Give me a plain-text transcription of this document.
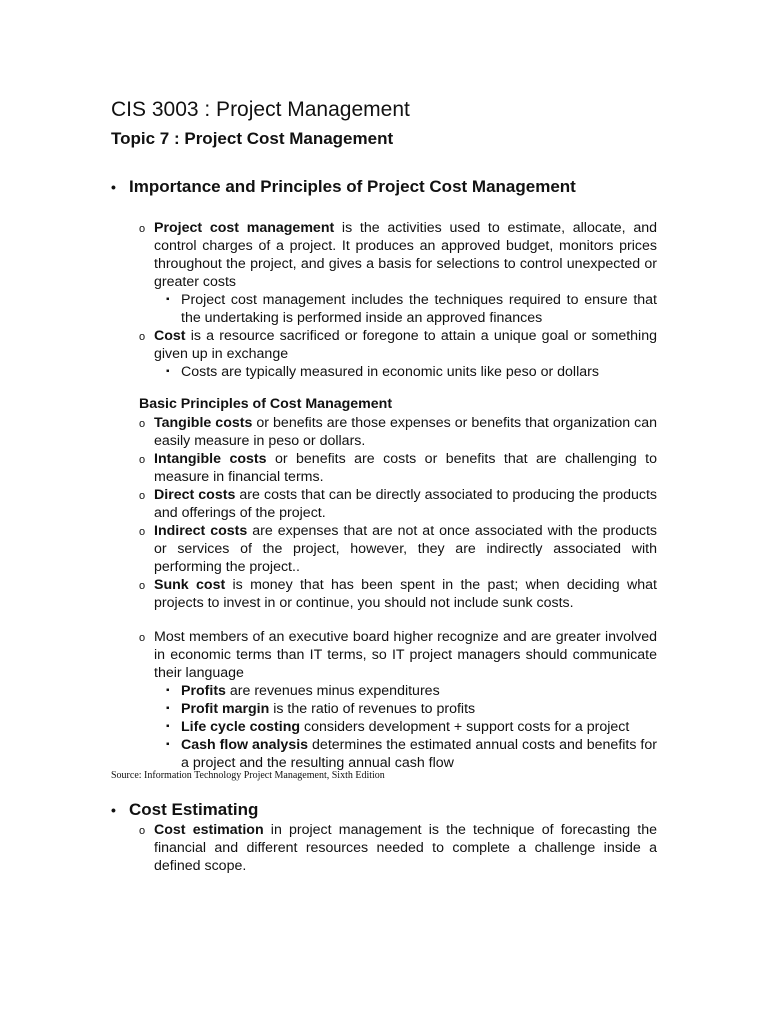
CIS 3003 : Project Management
Topic 7 : Project Cost Management
• Importance and Principles of Project Cost Management
o Project cost management is the activities used to estimate, allocate, and control charges of a project. It produces an approved budget, monitors prices throughout the project, and gives a basis for selections to control unexpected or greater costs
▪ Project cost management includes the techniques required to ensure that the undertaking is performed inside an approved finances
o Cost is a resource sacrificed or foregone to attain a unique goal or something given up in exchange
▪ Costs are typically measured in economic units like peso or dollars
Basic Principles of Cost Management
o Tangible costs or benefits are those expenses or benefits that organization can easily measure in peso or dollars.
o Intangible costs or benefits are costs or benefits that are challenging to measure in financial terms.
o Direct costs are costs that can be directly associated to producing the products and offerings of the project.
o Indirect costs are expenses that are not at once associated with the products or services of the project, however, they are indirectly associated with performing the project..
o Sunk cost is money that has been spent in the past; when deciding what projects to invest in or continue, you should not include sunk costs.
o Most members of an executive board higher recognize and are greater involved in economic terms than IT terms, so IT project managers should communicate their language
▪ Profits are revenues minus expenditures
▪ Profit margin is the ratio of revenues to profits
▪ Life cycle costing considers development + support costs for a project
▪ Cash flow analysis determines the estimated annual costs and benefits for a project and the resulting annual cash flow
Source: Information Technology Project Management, Sixth Edition
• Cost Estimating
o Cost estimation in project management is the technique of forecasting the financial and different resources needed to complete a challenge inside a defined scope.
